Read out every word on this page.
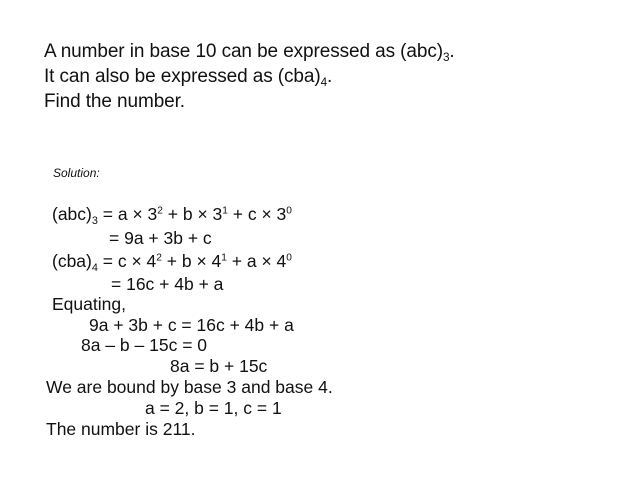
A number in base 10 can be expressed as $(abc)_3$.
It can also be expressed as $(cba)_4$.
Find the number.
Solution:
$(abc)_3 = a \times 3^2 + b \times 3^1 + c \times 3^0$
= 9a + 3b + c
$(cba)_4 = c \times 4^2 + b \times 4^1 + a \times 4^0$
= 16c + 4b + a
Equating,
9a + 3b + c = 16c + 4b + a
8a – b – 15c = 0
8a = b + 15c
We are bound by base 3 and base 4.
a = 2, b = 1, c = 1
The number is 211.
